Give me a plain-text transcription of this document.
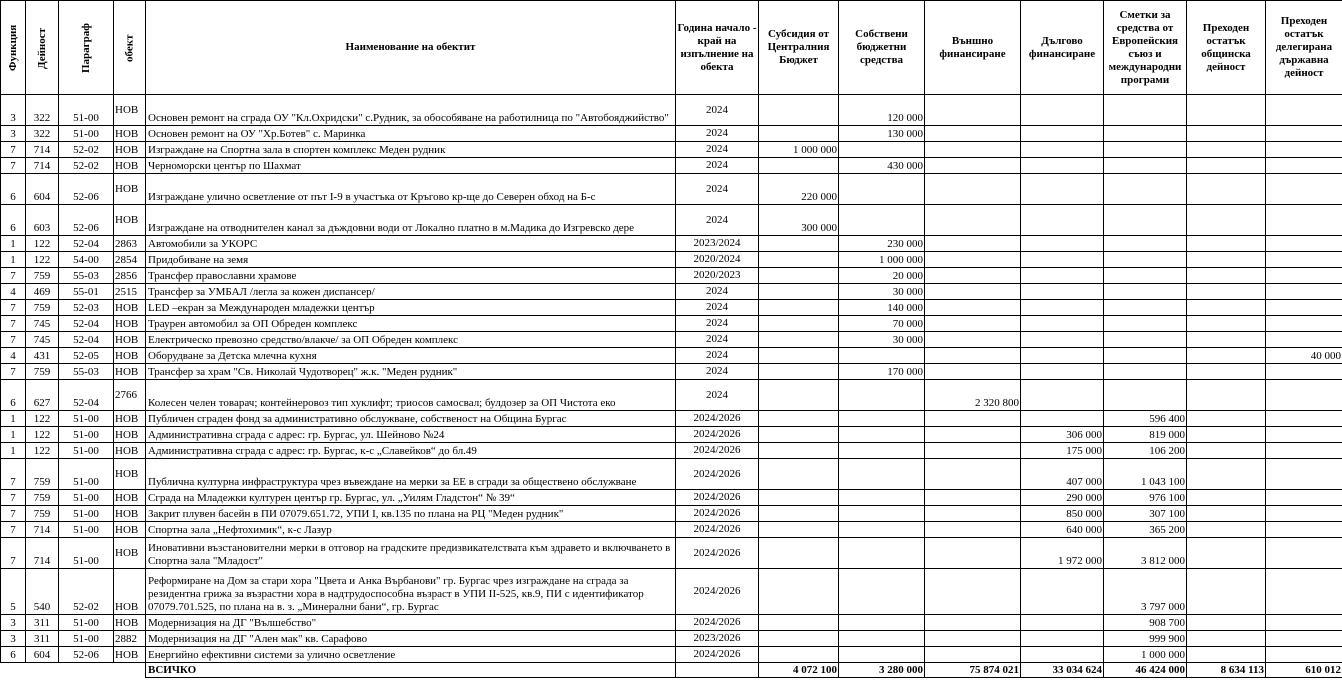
Функция	Дейност	Параграф	обект	Наименование на обектит	Година начало - край на изпълнение на обекта	Субсидия от Централния Бюджет	Собствени бюджетни средства	Външно финансиране	Дългово финансиране	Сметки за средства от Европейския съюз и международни програми	Преходен остатък общинска дейност	Преходен остатък делегирана държавна дейност
3	322	51-00	НОВ	Основен ремонт на сграда ОУ "Кл.Охридски" с.Рудник, за обособяване на работилница по "Автобояджийство"	2024		120 000					
3	322	51-00	НОВ	Основен ремонт на ОУ "Хр.Ботев" с. Маринка	2024		130 000					
7	714	52-02	НОВ	Изграждане на Спортна зала в спортен комплекс Меден рудник	2024	1 000 000						
7	714	52-02	НОВ	Черноморски център по Шахмат	2024		430 000					
6	604	52-06	НОВ	Изграждане улично осветление от път I-9 в участъка от Кръгово кр-ще до Северен обход на Б-с	2024	220 000						
6	603	52-06	НОВ	Изграждане на отводнителен канал за дъждовни води от Локално платно в м.Мадика до Изгревско дере	2024	300 000						
1	122	52-04	2863	Автомобили за УКОРС	2023/2024		230 000					
1	122	54-00	2854	Придобиване на земя	2020/2024		1 000 000					
7	759	55-03	2856	Трансфер православни храмове	2020/2023		20 000					
4	469	55-01	2515	Трансфер за УМБАЛ /легла за кожен диспансер/	2024		30 000					
7	759	52-03	НОВ	LED –екран за Международен младежки център	2024		140 000					
7	745	52-04	НОВ	Траурен автомобил за ОП Обреден комплекс	2024		70 000					
7	745	52-04	НОВ	Електрическо превозно средство/влакче/ за ОП Обреден комплекс	2024		30 000					
4	431	52-05	НОВ	Оборудване за Детска млечна кухня	2024							40 000
7	759	55-03	НОВ	Трансфер за храм "Св. Николай Чудотворец" ж.к. "Меден рудник"	2024		170 000					
6	627	52-04	2766	Колесен челен товарач; контейнеровоз тип хуклифт; триосов самосвал; булдозер за ОП Чистота еко	2024			2 320 800				
1	122	51-00	НОВ	Публичен сграден фонд за административно обслужване, собственост на Община Бургас	2024/2026					596 400		
1	122	51-00	НОВ	Административна сграда с адрес: гр. Бургас, ул. Шейново №24	2024/2026				306 000	819 000		
1	122	51-00	НОВ	Административна сграда с адрес: гр. Бургас, к-с „Славейков“ до бл.49	2024/2026				175 000	106 200		
7	759	51-00	НОВ	Публична културна инфраструктура чрез въвеждане на мерки за ЕЕ в сгради за обществено обслужване	2024/2026				407 000	1 043 100		
7	759	51-00	НОВ	Сграда на Младежки културен център гр. Бургас, ул. „Уилям Гладстон“ № 39“	2024/2026				290 000	976 100		
7	759	51-00	НОВ	Закрит плувен басейн в ПИ 07079.651.72, УПИ I, кв.135 по плана на РЦ "Меден рудник"	2024/2026				850 000	307 100		
7	714	51-00	НОВ	Спортна зала „Нефтохимик“, к-с Лазур	2024/2026				640 000	365 200		
7	714	51-00	НОВ	Иновативни възстановителни мерки в отговор на градските предизвикателствата към здравето и включването в Спортна зала "Младост"	2024/2026				1 972 000	3 812 000		
5	540	52-02	НОВ	Реформиране на Дом за стари хора "Цвета и Анка Върбанови" гр. Бургас чрез изграждане на сграда за резидентна грижа за възрастни хора в надтрудоспособна възраст в УПИ II-525, кв.9, ПИ с идентификатор 07079.701.525, по плана на в. з. „Минерални бани“, гр. Бургас	2024/2026					3 797 000		
3	311	51-00	НОВ	Модернизация на ДГ "Вълшебство"	2024/2026					908 700		
3	311	51-00	2882	Модернизация на ДГ "Ален мак" кв. Сарафово	2023/2026					999 900		
6	604	52-06	НОВ	Енергийно ефективни системи за улично осветление	2024/2026					1 000 000		
				ВСИЧКО		4 072 100	3 280 000	75 874 021	33 034 624	46 424 000	8 634 113	610 012
